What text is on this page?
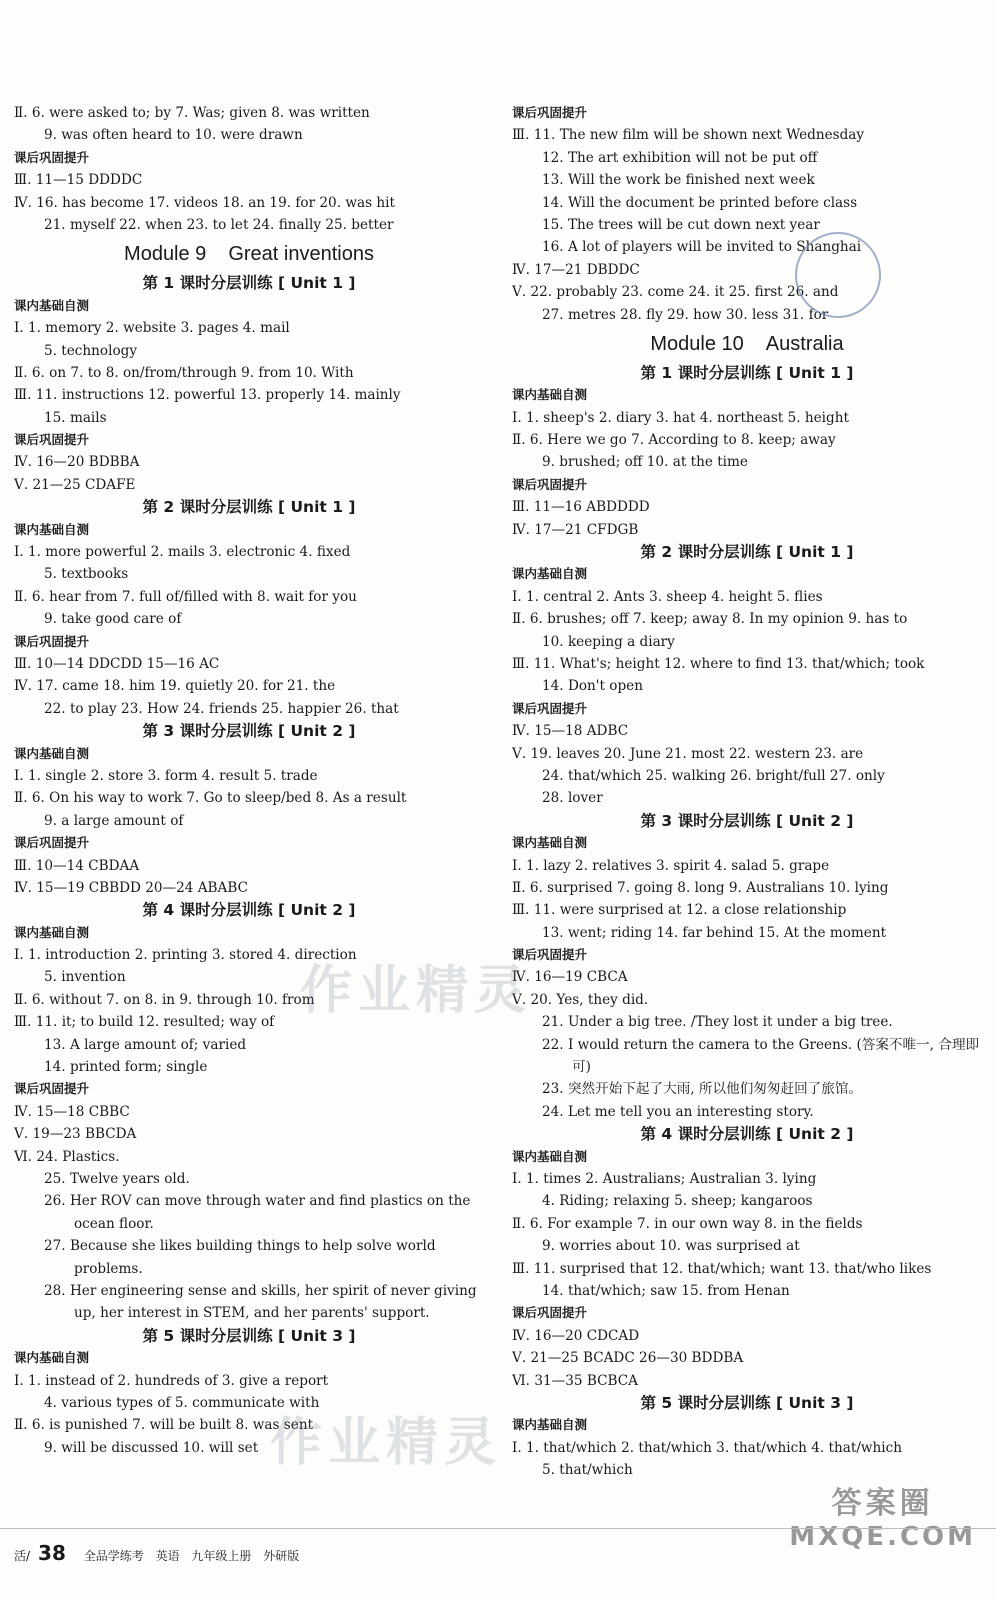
Ⅱ. 6. were asked to; by 7. Was; given 8. was written
9. was often heard to 10. were drawn
课后巩固提升
Ⅲ. 11—15 DDDDC
Ⅳ. 16. has become 17. videos 18. an 19. for 20. was hit
21. myself 22. when 23. to let 24. finally 25. better
Module 9 Great inventions
第 1 课时分层训练 [ Unit 1 ]
课内基础自测
Ⅰ. 1. memory 2. website 3. pages 4. mail
5. technology
Ⅱ. 6. on 7. to 8. on/from/through 9. from 10. With
Ⅲ. 11. instructions 12. powerful 13. properly 14. mainly
15. mails
课后巩固提升
Ⅳ. 16—20 BDBBA
Ⅴ. 21—25 CDAFE
第 2 课时分层训练 [ Unit 1 ]
课内基础自测
Ⅰ. 1. more powerful 2. mails 3. electronic 4. fixed
5. textbooks
Ⅱ. 6. hear from 7. full of/filled with 8. wait for you
9. take good care of
课后巩固提升
Ⅲ. 10—14 DDCDD 15—16 AC
Ⅳ. 17. came 18. him 19. quietly 20. for 21. the
22. to play 23. How 24. friends 25. happier 26. that
第 3 课时分层训练 [ Unit 2 ]
课内基础自测
Ⅰ. 1. single 2. store 3. form 4. result 5. trade
Ⅱ. 6. On his way to work 7. Go to sleep/bed 8. As a result
9. a large amount of
课后巩固提升
Ⅲ. 10—14 CBDAA
Ⅳ. 15—19 CBBDD 20—24 ABABC
第 4 课时分层训练 [ Unit 2 ]
课内基础自测
Ⅰ. 1. introduction 2. printing 3. stored 4. direction
5. invention
Ⅱ. 6. without 7. on 8. in 9. through 10. from
Ⅲ. 11. it; to build 12. resulted; way of
13. A large amount of; varied
14. printed form; single
课后巩固提升
Ⅳ. 15—18 CBBC
Ⅴ. 19—23 BBCDA
Ⅵ. 24. Plastics.
25. Twelve years old.
26. Her ROV can move through water and find plastics on the ocean floor.
27. Because she likes building things to help solve world problems.
28. Her engineering sense and skills, her spirit of never giving up, her interest in STEM, and her parents' support.
第 5 课时分层训练 [ Unit 3 ]
课内基础自测
Ⅰ. 1. instead of 2. hundreds of 3. give a report
4. various types of 5. communicate with
Ⅱ. 6. is punished 7. will be built 8. was sent
9. will be discussed 10. will set
课后巩固提升
Ⅲ. 11. The new film will be shown next Wednesday
12. The art exhibition will not be put off
13. Will the work be finished next week
14. Will the document be printed before class
15. The trees will be cut down next year
16. A lot of players will be invited to Shanghai
Ⅳ. 17—21 DBDDC
Ⅴ. 22. probably 23. come 24. it 25. first 26. and
27. metres 28. fly 29. how 30. less 31. for
Module 10 Australia
第 1 课时分层训练 [ Unit 1 ]
课内基础自测
Ⅰ. 1. sheep's 2. diary 3. hat 4. northeast 5. height
Ⅱ. 6. Here we go 7. According to 8. keep; away
9. brushed; off 10. at the time
课后巩固提升
Ⅲ. 11—16 ABDDDD
Ⅳ. 17—21 CFDGB
第 2 课时分层训练 [ Unit 1 ]
课内基础自测
Ⅰ. 1. central 2. Ants 3. sheep 4. height 5. flies
Ⅱ. 6. brushes; off 7. keep; away 8. In my opinion 9. has to
10. keeping a diary
Ⅲ. 11. What's; height 12. where to find 13. that/which; took
14. Don't open
课后巩固提升
Ⅳ. 15—18 ADBC
Ⅴ. 19. leaves 20. June 21. most 22. western 23. are
24. that/which 25. walking 26. bright/full 27. only
28. lover
第 3 课时分层训练 [ Unit 2 ]
课内基础自测
Ⅰ. 1. lazy 2. relatives 3. spirit 4. salad 5. grape
Ⅱ. 6. surprised 7. going 8. long 9. Australians 10. lying
Ⅲ. 11. were surprised at 12. a close relationship
13. went; riding 14. far behind 15. At the moment
课后巩固提升
Ⅳ. 16—19 CBCA
Ⅴ. 20. Yes, they did.
21. Under a big tree. /They lost it under a big tree.
22. I would return the camera to the Greens. (答案不唯一, 合理即可)
23. 突然开始下起了大雨, 所以他们匆匆赶回了旅馆。
24. Let me tell you an interesting story.
第 4 课时分层训练 [ Unit 2 ]
课内基础自测
Ⅰ. 1. times 2. Australians; Australian 3. lying
4. Riding; relaxing 5. sheep; kangaroos
Ⅱ. 6. For example 7. in our own way 8. in the fields
9. worries about 10. was surprised at
Ⅲ. 11. surprised that 12. that/which; want 13. that/who likes
14. that/which; saw 15. from Henan
课后巩固提升
Ⅳ. 16—20 CDCAD
Ⅴ. 21—25 BCADC 26—30 BDDBA
Ⅵ. 31—35 BCBCA
第 5 课时分层训练 [ Unit 3 ]
课内基础自测
Ⅰ. 1. that/which 2. that/which 3. that/which 4. that/which
5. that/which
作业精灵
作业精灵
答案圈
MXQE.COM
活/ 38 全品学练考 英语 九年级上册 外研版
